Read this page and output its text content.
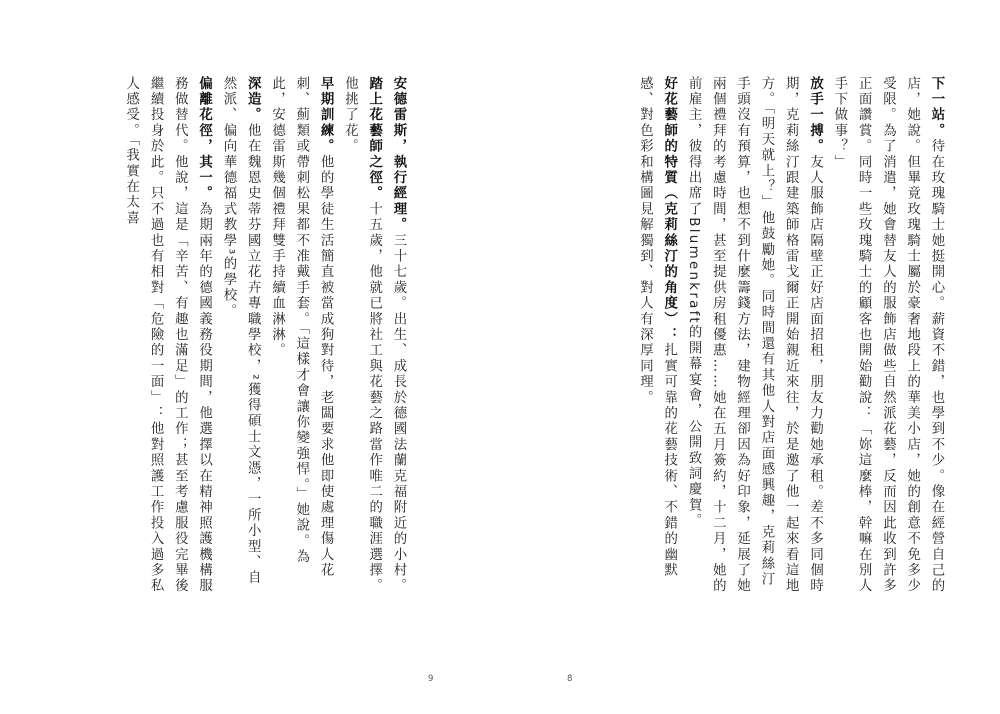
安德雷斯，執行經理。三十七歲。出生、成長於德國法蘭克福附近的小村。

踏上花藝師之徑。十五歲，他就已將社工與花藝之路當作唯二的職涯選擇。他挑了花。

早期訓練。他的學徒生活簡直被當成狗對待，老闆要求他即使處理傷人花刺、薊類或帶刺松果都不准戴手套。「這樣才會讓你變強悍。」她說。為此，安德雷斯幾個禮拜雙手持續血淋淋。

深造。他在魏恩史蒂芬國立花卉專職學校，²獲得碩士文憑，一所小型、自然派、偏向華德福式教學³的學校。

偏離花徑，其一。為期兩年的德國義務役期間，他選擇以在精神照護機構服務做替代。他說，這是「辛苦、有趣也滿足」的工作；甚至考慮服役完畢後繼續投身於此。只不過也有相對「危險的一面」：他對照護工作投入過多私人感受。「我實在太喜

9

下一站。待在玫瑰騎士她挺開心。薪資不錯，也學到不少。像在經營自己的店，她說。但畢竟玫瑰騎士屬於豪奢地段上的華美小店，她的創意不免多少受限。為了消遣，她會替友人的服飾店做些自然派花藝，反而因此收到許多正面讚賞。同時一些玫瑰騎士的顧客也開始勸說：「妳這麼棒，幹嘛在別人手下做事？」

放手一搏。友人服飾店隔壁正好店面招租，朋友力勸她承租。差不多同個時期，克莉絲汀跟建築師格雷戈爾正開始親近來往，於是邀了他一起來看這地方。「明天就上？」他鼓勵她。同時間還有其他人對店面感興趣，克莉絲汀手頭沒有預算，也想不到什麼籌錢方法，建物經理卻因為好印象，延展了她兩個禮拜的考慮時間，甚至提供房租優惠……她在五月簽約，十二月，她的前雇主，彼得出席了Blumenkraft的開幕宴會，公開致詞慶賀。

好花藝師的特質（克莉絲汀的角度）：扎實可靠的花藝技術、不錯的幽默感、對色彩和構圖見解獨到、對人有深厚同理。

8
